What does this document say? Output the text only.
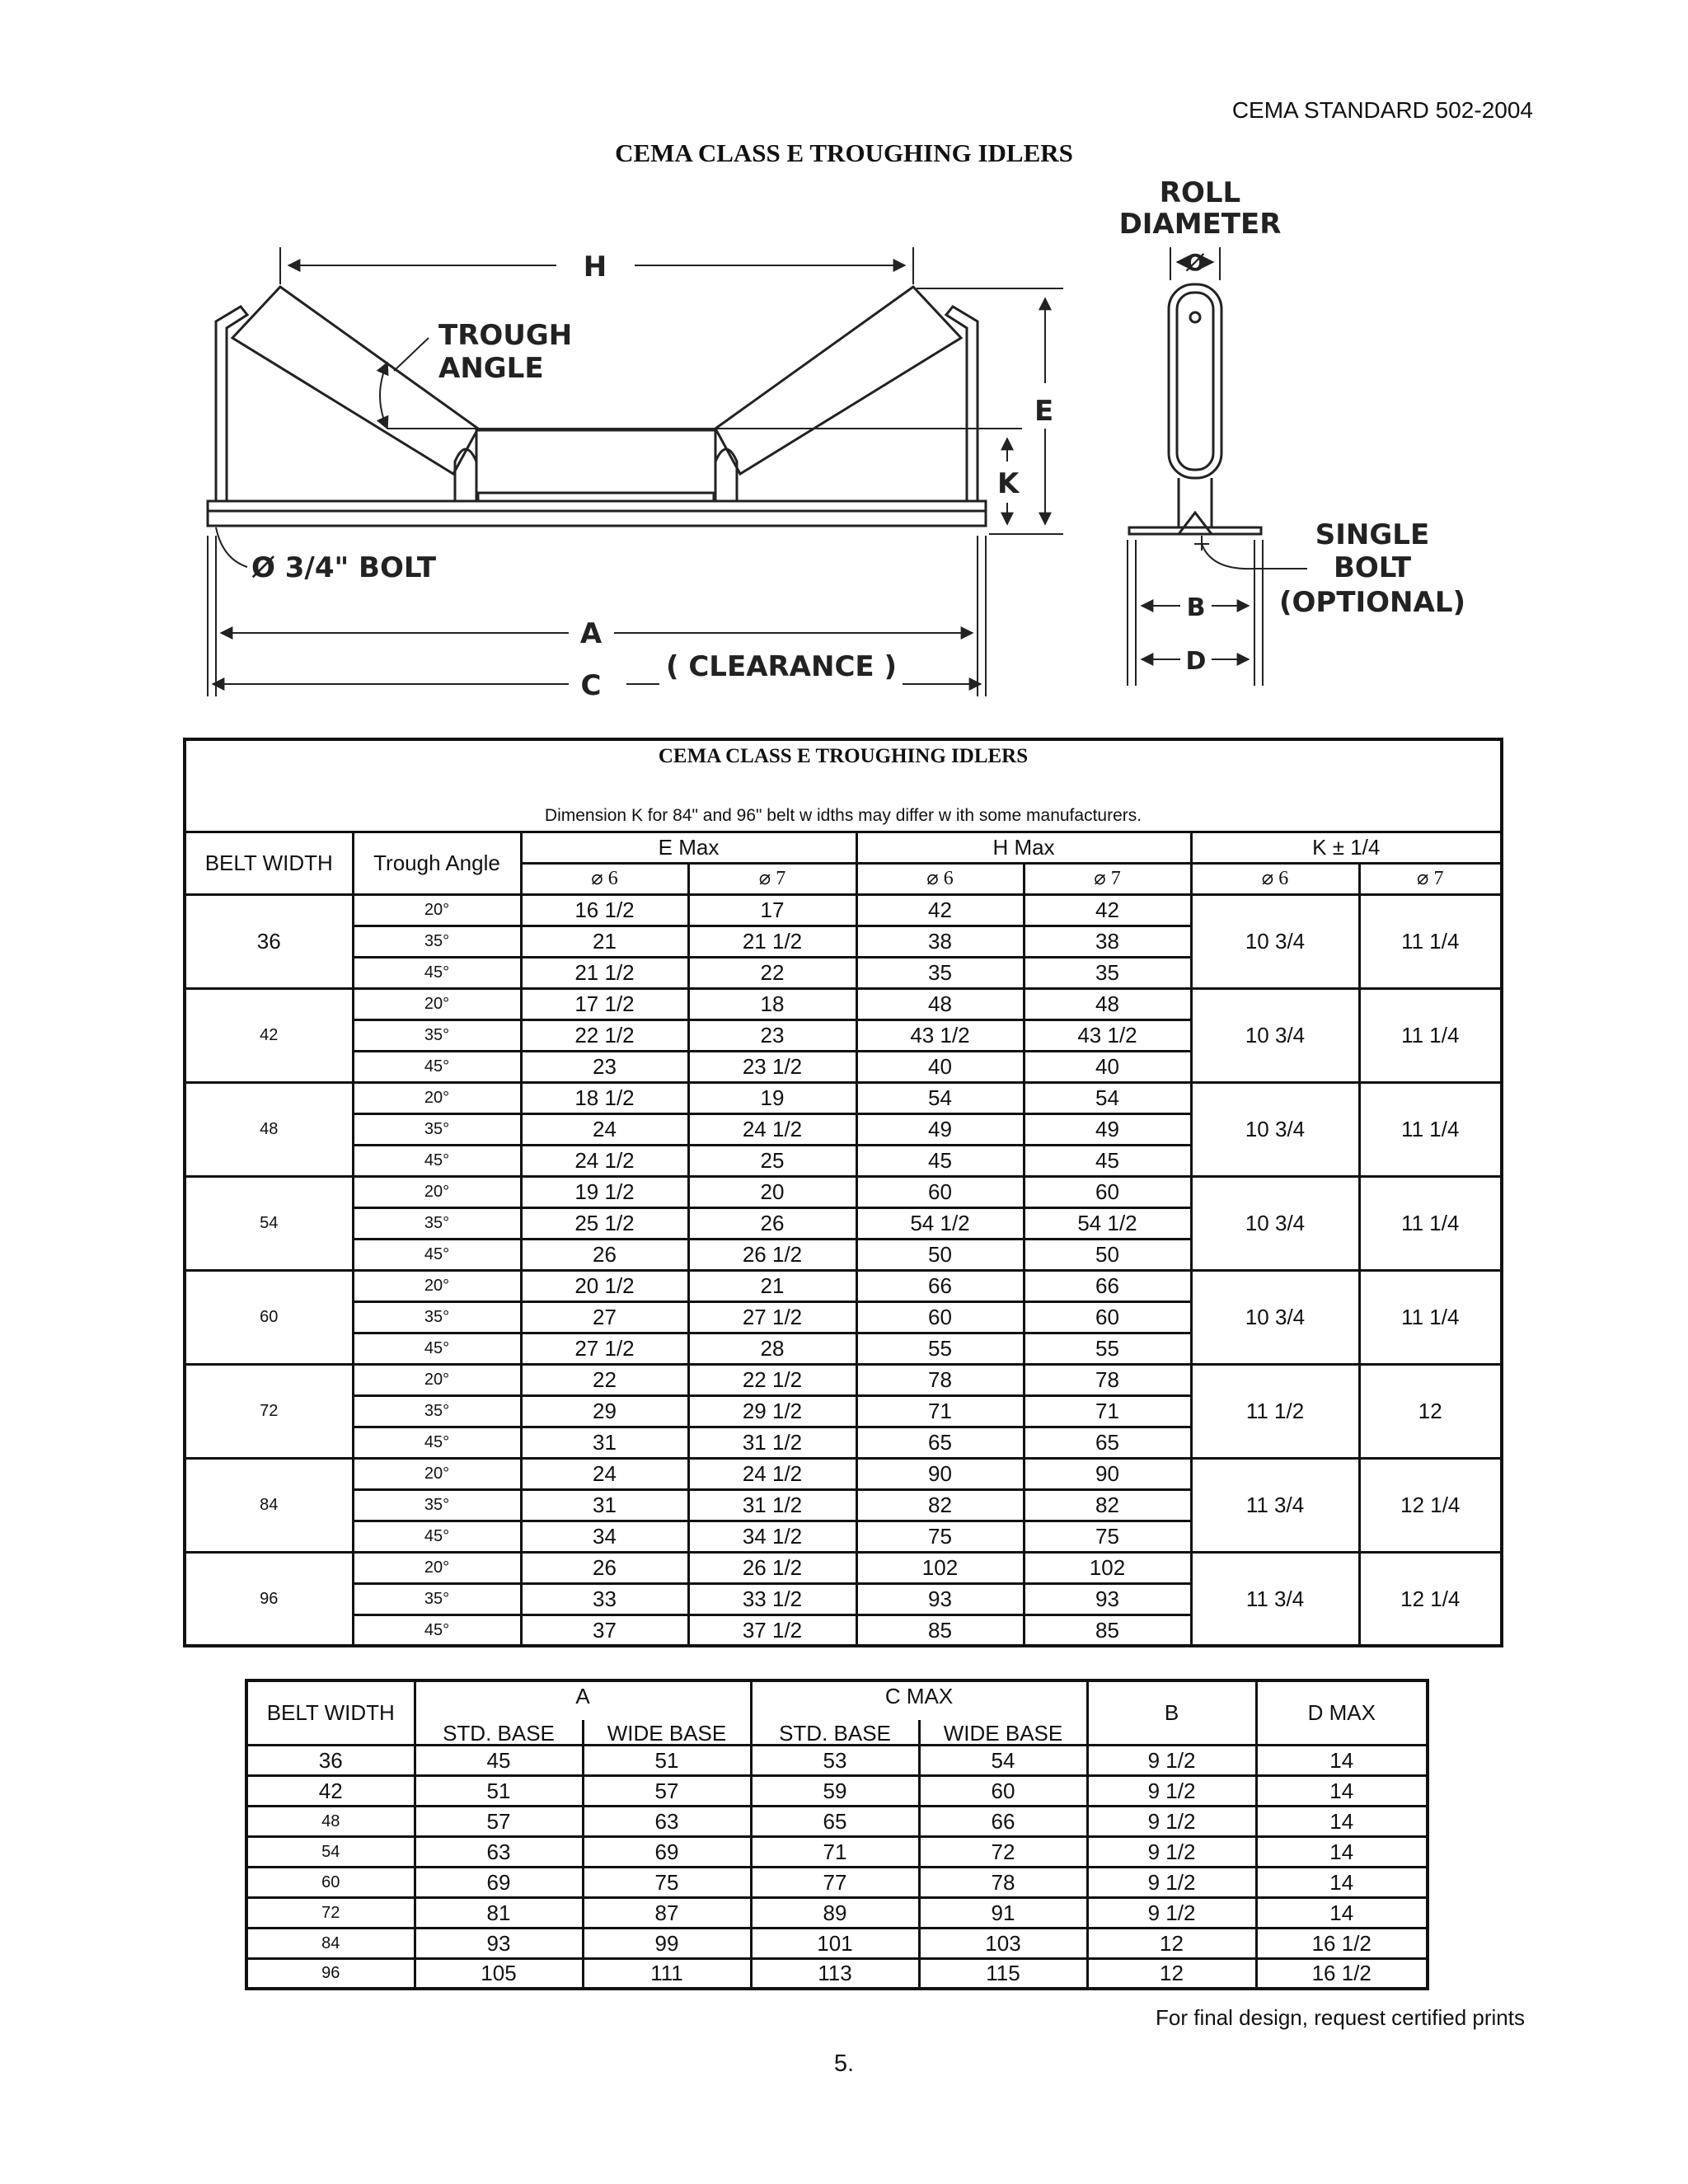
CEMA STANDARD 502-2004
CEMA CLASS E TROUGHING IDLERS
H
TROUGH
ANGLE
E
K
Ø 3/4" BOLT
A
C
( CLEARANCE )
ROLL
DIAMETER
Ø
SINGLE
BOLT
(OPTIONAL)
B
D
CEMA CLASS E TROUGHING IDLERS
Dimension K for 84" and 96" belt w idths may differ w ith some manufacturers.							

BELT WIDTH	Trough Angle	E Max		H Max		K ± 1/4	
		⌀ 6	⌀ 7	⌀ 6	⌀ 7	⌀ 6	⌀ 7
36	20°	16 1/2	17	42	42	10 3/4	11 1/4
	35°	21	21 1/2	38	38		
	45°	21 1/2	22	35	35		
42	20°	17 1/2	18	48	48	10 3/4	11 1/4
	35°	22 1/2	23	43 1/2	43 1/2		
	45°	23	23 1/2	40	40		
48	20°	18 1/2	19	54	54	10 3/4	11 1/4
	35°	24	24 1/2	49	49		
	45°	24 1/2	25	45	45		
54	20°	19 1/2	20	60	60	10 3/4	11 1/4
	35°	25 1/2	26	54 1/2	54 1/2		
	45°	26	26 1/2	50	50		
60	20°	20 1/2	21	66	66	10 3/4	11 1/4
	35°	27	27 1/2	60	60		
	45°	27 1/2	28	55	55		
72	20°	22	22 1/2	78	78	11 1/2	12
	35°	29	29 1/2	71	71		
	45°	31	31 1/2	65	65		
84	20°	24	24 1/2	90	90	11 3/4	12 1/4
	35°	31	31 1/2	82	82		
	45°	34	34 1/2	75	75		
96	20°	26	26 1/2	102	102	11 3/4	12 1/4
	35°	33	33 1/2	93	93		
	45°	37	37 1/2	85	85		
BELT WIDTH	A		C MAX		B	D MAX
	STD. BASE	WIDE BASE	STD. BASE	WIDE BASE		
36	45	51	53	54	9 1/2	14
42	51	57	59	60	9 1/2	14
48	57	63	65	66	9 1/2	14
54	63	69	71	72	9 1/2	14
60	69	75	77	78	9 1/2	14
72	81	87	89	91	9 1/2	14
84	93	99	101	103	12	16 1/2
96	105	111	113	115	12	16 1/2
For final design, request certified prints
5.
